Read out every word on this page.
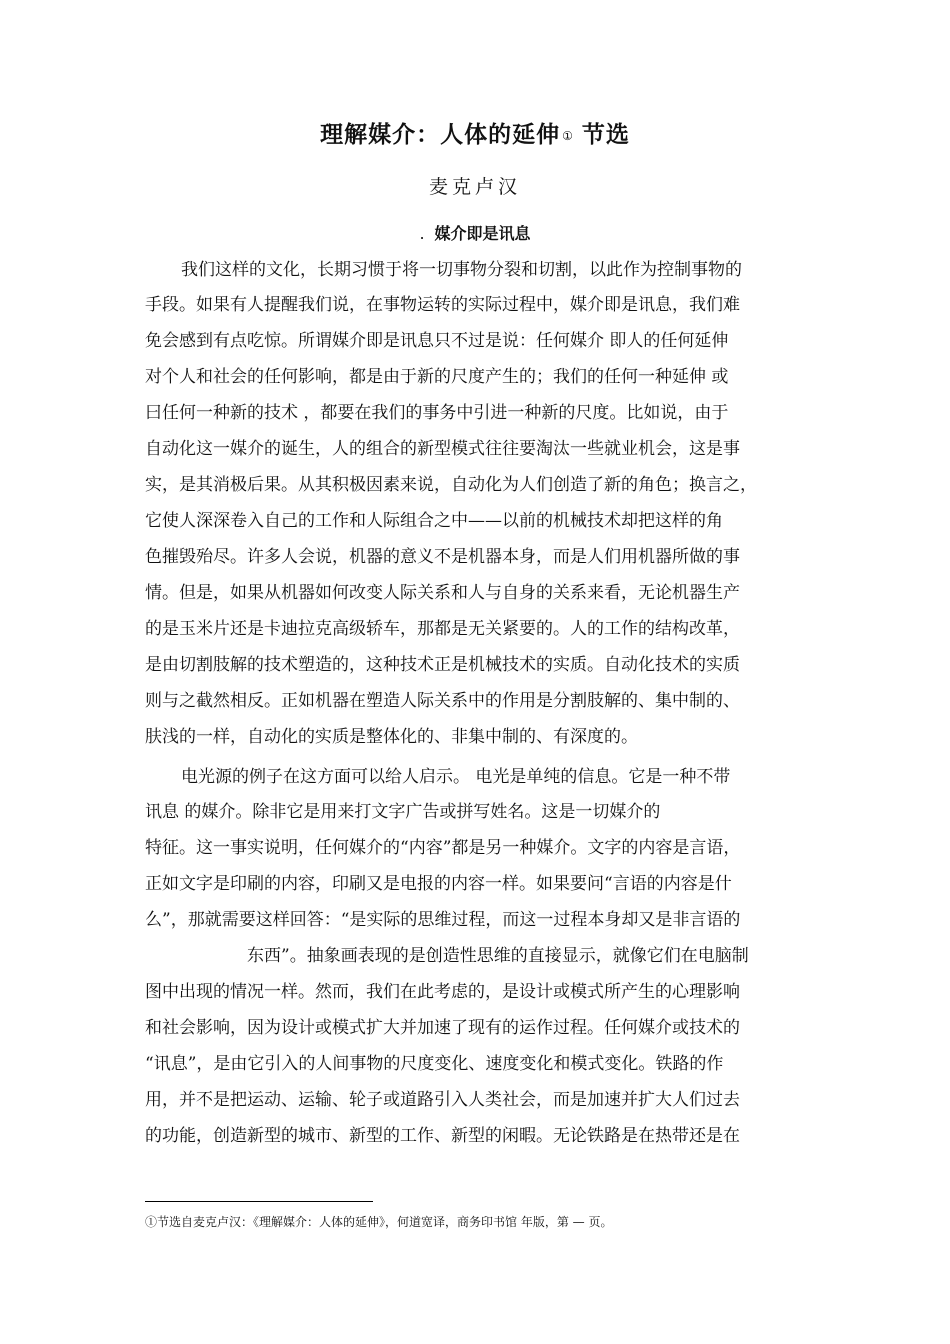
理解媒介：人体的延伸 ① 节选
麦克卢汉
. 媒介即是讯息
我们这样的文化，长期习惯于将一切事物分裂和切割，以此作为控制事物的
手段。如果有人提醒我们说，在事物运转的实际过程中，媒介即是讯息，我们难
免会感到有点吃惊。所谓媒介即是讯息只不过是说：任何媒介 即人的任何延伸
对个人和社会的任何影响，都是由于新的尺度产生的；我们的任何一种延伸 或
曰任何一种新的技术 ，都要在我们的事务中引进一种新的尺度。比如说，由于
自动化这一媒介的诞生，人的组合的新型模式往往要淘汰一些就业机会，这是事
实，是其消极后果。从其积极因素来说，自动化为人们创造了新的角色；换言之，
它使人深深卷入自己的工作和人际组合之中——以前的机械技术却把这样的角
色摧毁殆尽。许多人会说，机器的意义不是机器本身，而是人们用机器所做的事
情。但是，如果从机器如何改变人际关系和人与自身的关系来看，无论机器生产
的是玉米片还是卡迪拉克高级轿车，那都是无关紧要的。人的工作的结构改革，
是由切割肢解的技术塑造的，这种技术正是机械技术的实质。自动化技术的实质
则与之截然相反。正如机器在塑造人际关系中的作用是分割肢解的、集中制的、
肤浅的一样，自动化的实质是整体化的、非集中制的、有深度的。
电光源的例子在这方面可以给人启示。 电光是单纯的信息。它是一种不带
讯息 的媒介。除非它是用来打文字广告或拼写姓名。这是一切媒介的
特征。这一事实说明，任何媒介的“内容”都是另一种媒介。文字的内容是言语，
正如文字是印刷的内容，印刷又是电报的内容一样。如果要问“言语的内容是什
么”，那就需要这样回答：“是实际的思维过程，而这一过程本身却又是非言语的
东西”。抽象画表现的是创造性思维的直接显示，就像它们在电脑制
图中出现的情况一样。然而，我们在此考虑的，是设计或模式所产生的心理影响
和社会影响，因为设计或模式扩大并加速了现有的运作过程。任何媒介或技术的
“讯息”，是由它引入的人间事物的尺度变化、速度变化和模式变化。铁路的作
用，并不是把运动、运输、轮子或道路引入人类社会，而是加速并扩大人们过去
的功能，创造新型的城市、新型的工作、新型的闲暇。无论铁路是在热带还是在
①节选自麦克卢汉：《理解媒介：人体的延伸》，何道宽译，商务印书馆 年版，第 — 页。
